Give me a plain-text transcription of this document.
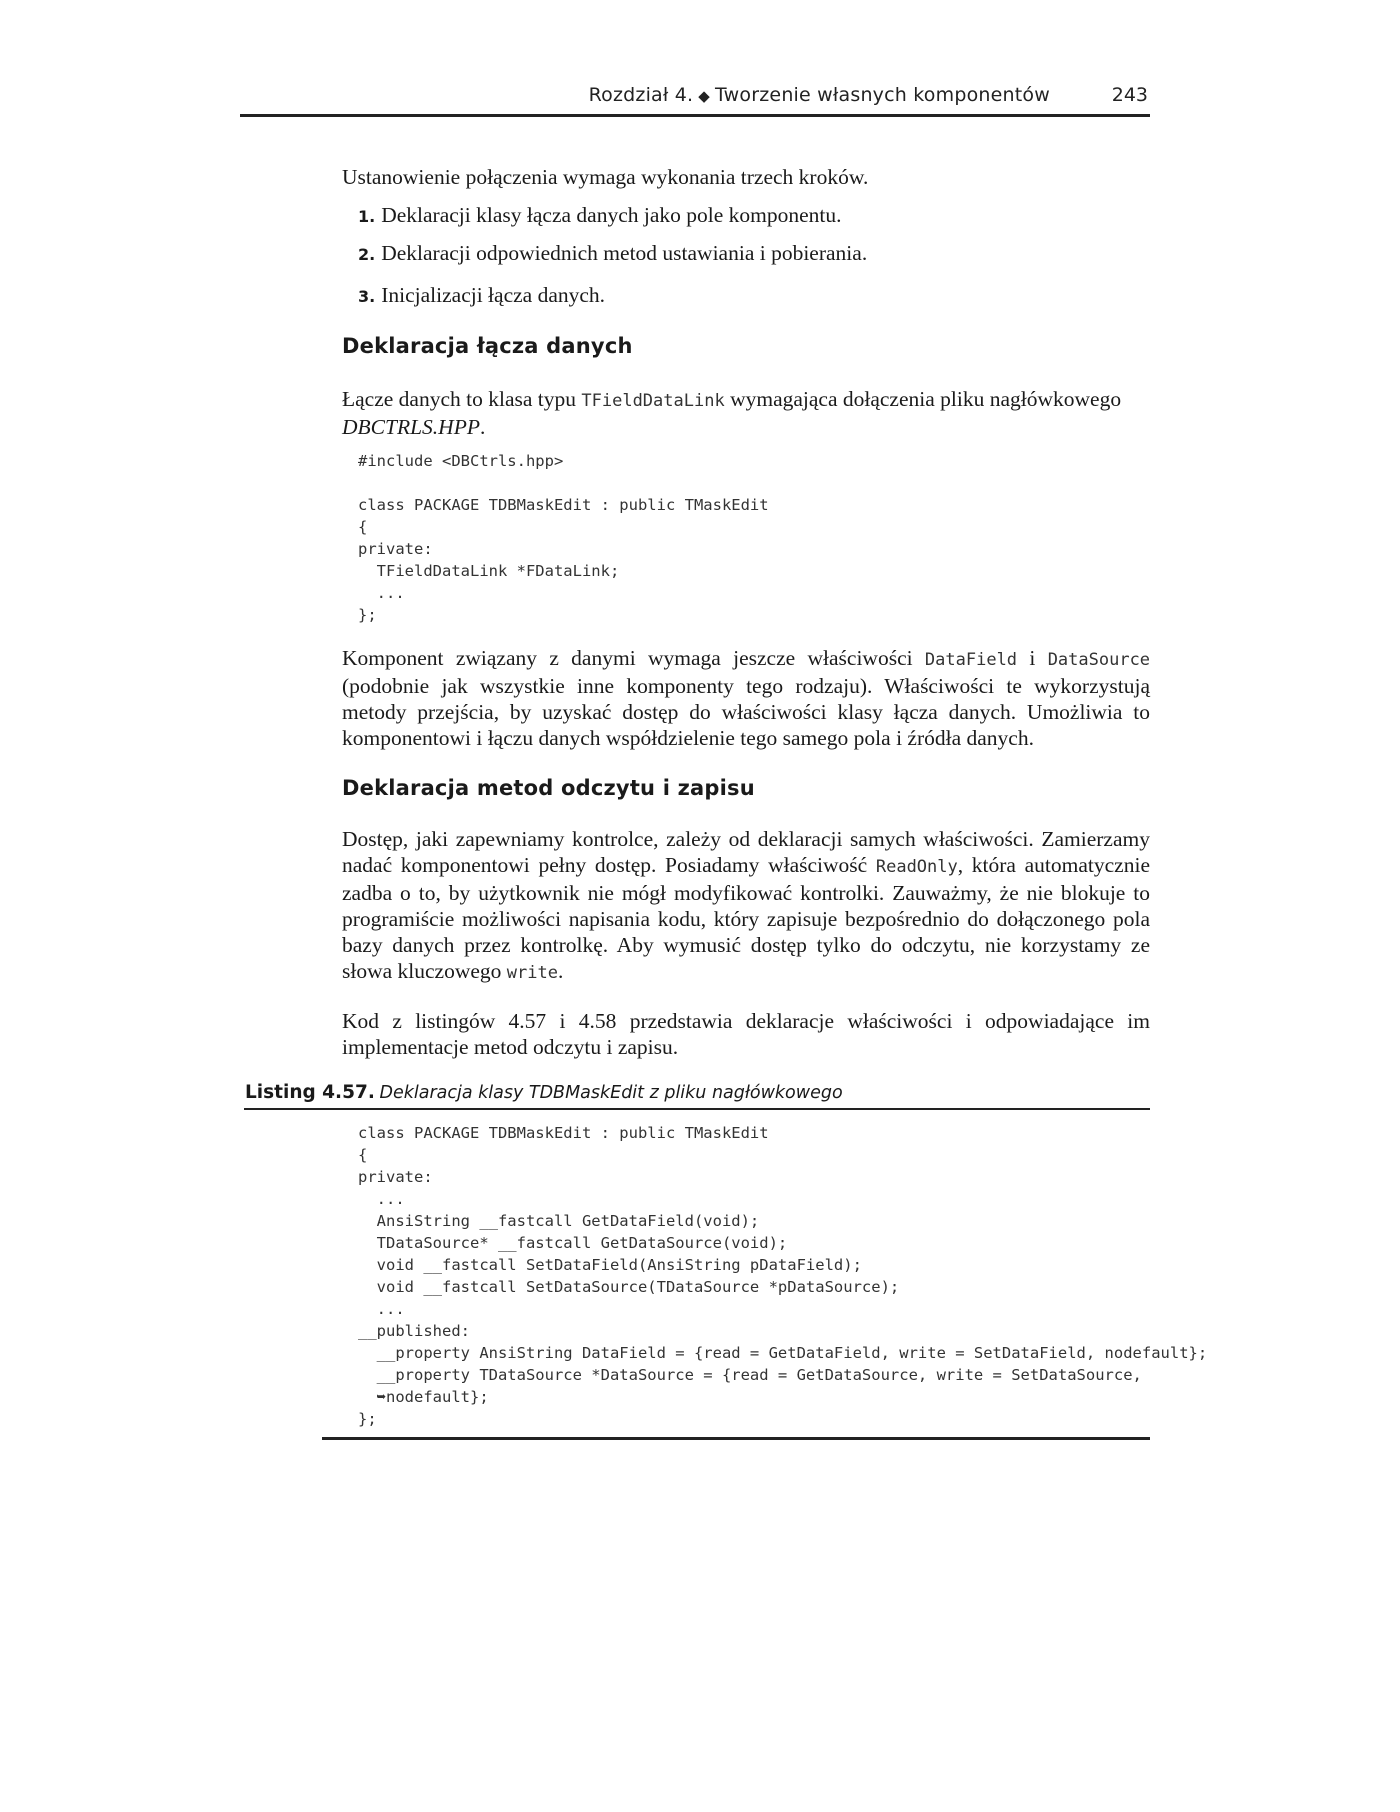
Rozdział 4. ◆ Tworzenie własnych komponentów	243
Ustanowienie połączenia wymaga wykonania trzech kroków.
1. Deklaracji klasy łącza danych jako pole komponentu.
2. Deklaracji odpowiednich metod ustawiania i pobierania.
3. Inicjalizacji łącza danych.
Deklaracja łącza danych
Łącze danych to klasa typu TFieldDataLink wymagająca dołączenia pliku nagłówkowego
DBCTRLS.HPP.
#include <DBCtrls.hpp>

class PACKAGE TDBMaskEdit : public TMaskEdit
{
private:
TFieldDataLink *FDataLink;
...
};
Komponent związany z danymi wymaga jeszcze właściwości DataField i DataSource (podobnie jak wszystkie inne komponenty tego rodzaju). Właściwości te wykorzystują metody przejścia, by uzyskać dostęp do właściwości klasy łącza danych. Umożliwia to komponentowi i łączu danych współdzielenie tego samego pola i źródła danych.
Deklaracja metod odczytu i zapisu
Dostęp, jaki zapewniamy kontrolce, zależy od deklaracji samych właściwości. Zamierzamy nadać komponentowi pełny dostęp. Posiadamy właściwość ReadOnly, która automatycznie zadba o to, by użytkownik nie mógł modyfikować kontrolki. Zauważmy, że nie blokuje to programiście możliwości napisania kodu, który zapisuje bezpośrednio do dołączonego pola bazy danych przez kontrolkę. Aby wymusić dostęp tylko do odczytu, nie korzystamy ze słowa kluczowego write.
Kod z listingów 4.57 i 4.58 przedstawia deklaracje właściwości i odpowiadające im implementacje metod odczytu i zapisu.
Listing 4.57. Deklaracja klasy TDBMaskEdit z pliku nagłówkowego
class PACKAGE TDBMaskEdit : public TMaskEdit
{
private:
...
AnsiString __fastcall GetDataField(void);
TDataSource* __fastcall GetDataSource(void);
void __fastcall SetDataField(AnsiString pDataField);
void __fastcall SetDataSource(TDataSource *pDataSource);
...
__published:
__property AnsiString DataField = {read = GetDataField, write = SetDataField, nodefault};
__property TDataSource *DataSource = {read = GetDataSource, write = SetDataSource,
➥nodefault};
};
